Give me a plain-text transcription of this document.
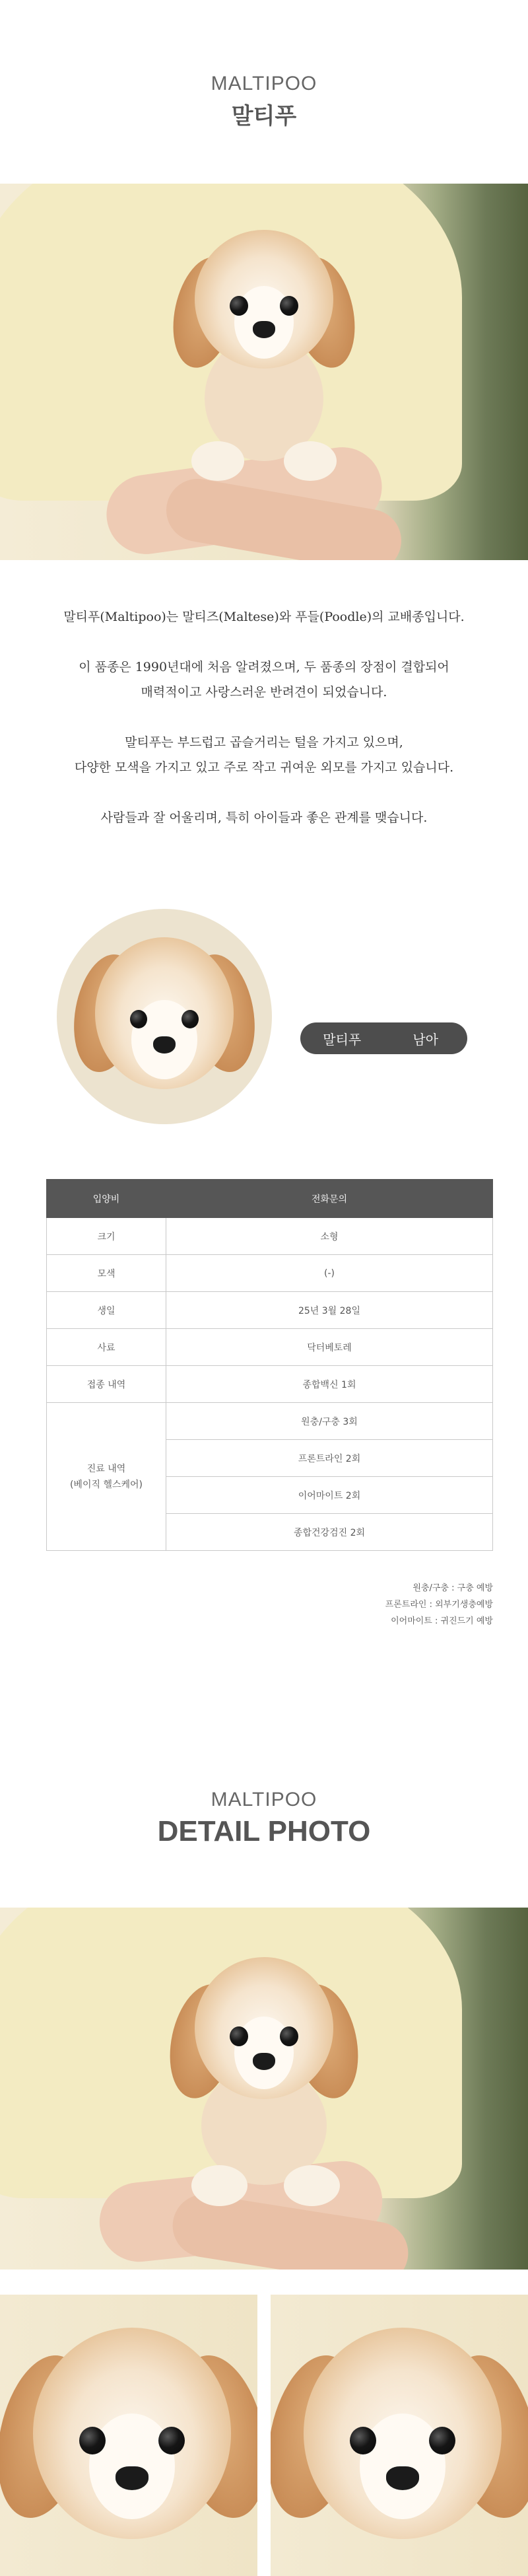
MALTIPOO
말티푸

말티푸(Maltipoo)는 말티즈(Maltese)와 푸들(Poodle)의 교배종입니다.

이 품종은 1990년대에 처음 알려졌으며, 두 품종의 장점이 결합되어

매력적이고 사랑스러운 반려견이 되었습니다.

말티푸는 부드럽고 곱슬거리는 털을 가지고 있으며,

다양한 모색을 가지고 있고 주로 작고 귀여운 외모를 가지고 있습니다.

사람들과 잘 어울리며, 특히 아이들과 좋은 관계를 맺습니다.

말티푸	남아
입양비	전화문의
크기	소형
모색	(-)
생일	25년 3월 28일
사료	닥터베토레
접종 내역	종합백신 1회

진료 내역
(베이직 헬스케어)	원충/구충 3회
	프론트라인 2회
	이어마이트 2회
	종합건강검진 2회
원충/구충 : 구충 예방
프론트라인 : 외부기생충예방
이어마이트 : 귀진드기 예방
MALTIPOO
DETAIL PHOTO
